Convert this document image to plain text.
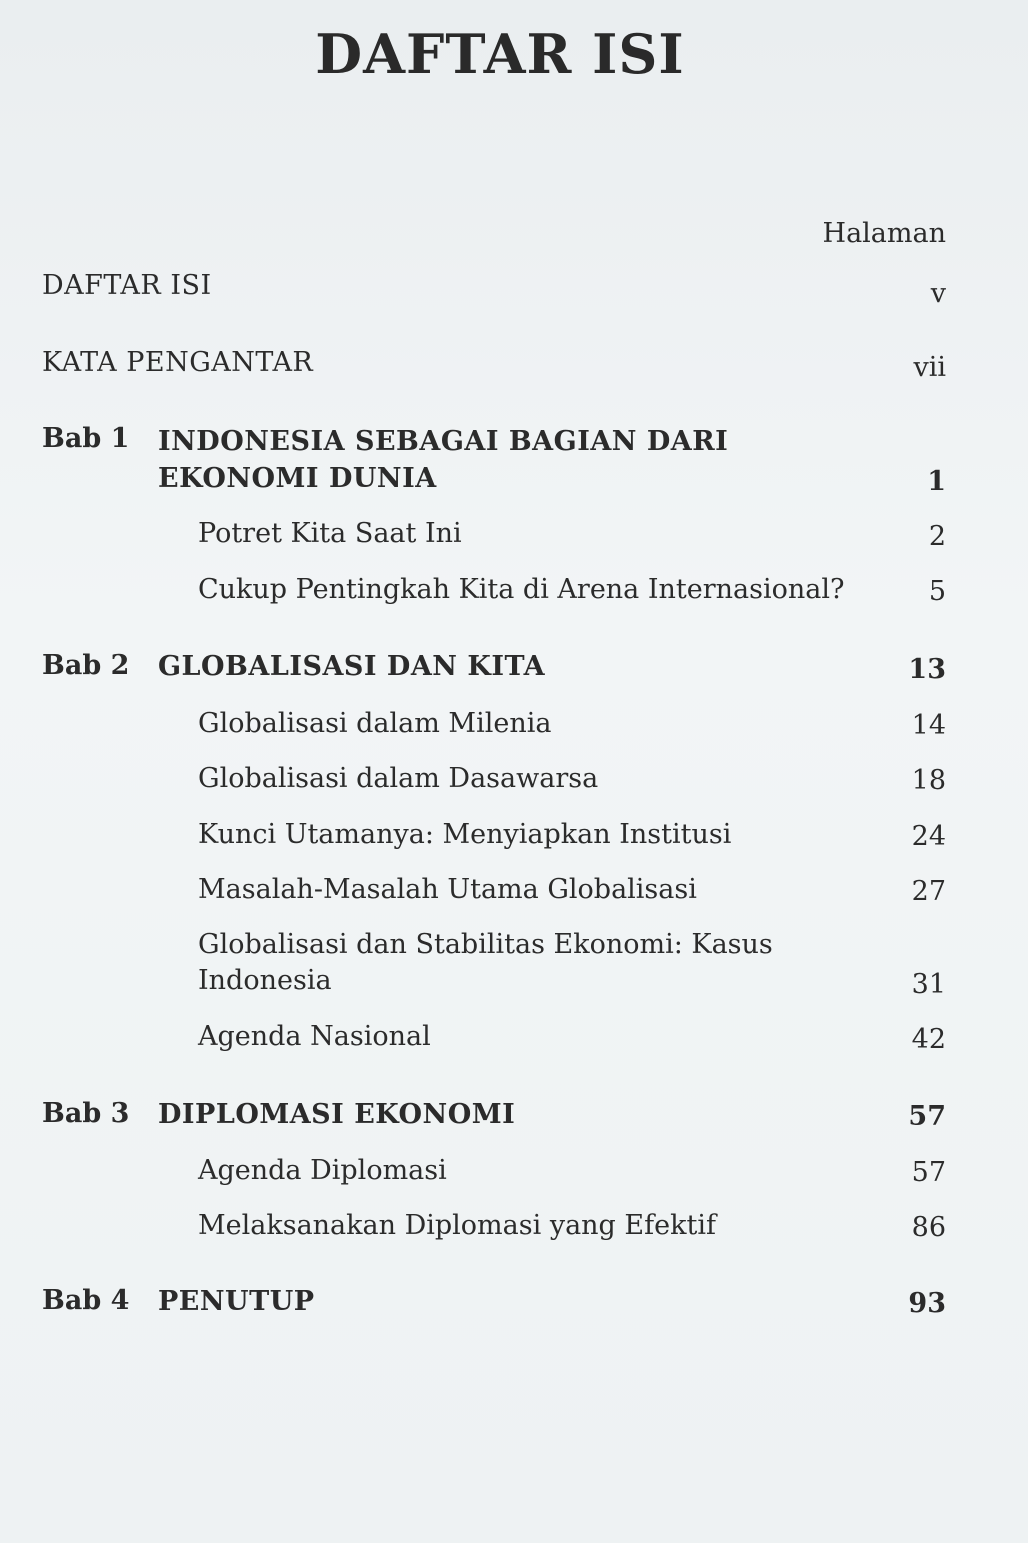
DAFTAR ISI
Halaman
DAFTAR ISI	v
KATA PENGANTAR	vii
Bab 1 INDONESIA SEBAGAI BAGIAN DARI
EKONOMI DUNIA	1
Potret Kita Saat Ini	2
Cukup Pentingkah Kita di Arena Internasional?	5
Bab 2 GLOBALISASI DAN KITA	13
Globalisasi dalam Milenia	14
Globalisasi dalam Dasawarsa	18
Kunci Utamanya: Menyiapkan Institusi	24
Masalah-Masalah Utama Globalisasi	27
Globalisasi dan Stabilitas Ekonomi: Kasus
Indonesia	31
Agenda Nasional	42
Bab 3 DIPLOMASI EKONOMI	57
Agenda Diplomasi	57
Melaksanakan Diplomasi yang Efektif	86
Bab 4 PENUTUP	93
